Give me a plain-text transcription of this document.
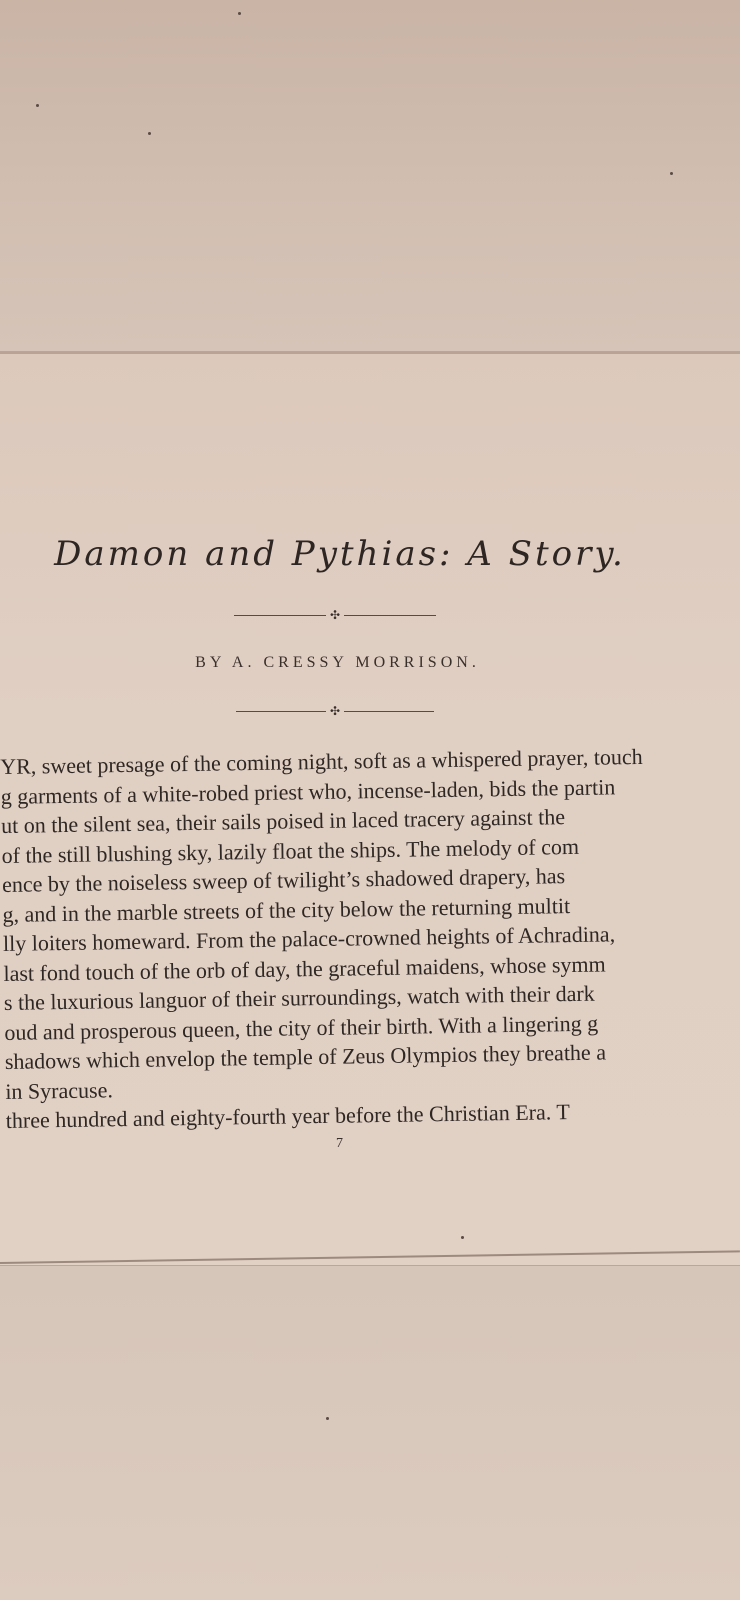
Damon and Pythias: A Story.
✣
BY A. CRESSY MORRISON.
✣
YR, sweet presage of the coming night, soft as a whispered prayer, touch
g garments of a white-robed priest who, incense-laden, bids the partin
ut on the silent sea, their sails poised in laced tracery against the
of the still blushing sky, lazily float the ships. The melody of com
ence by the noiseless sweep of twilight’s shadowed drapery, has
g, and in the marble streets of the city below the returning multit
lly loiters homeward. From the palace-crowned heights of Achradina,
last fond touch of the orb of day, the graceful maidens, whose symm
s the luxurious languor of their surroundings, watch with their dark
oud and prosperous queen, the city of their birth. With a lingering g
shadows which envelop the temple of Zeus Olympios they breathe a
in Syracuse.
three hundred and eighty-fourth year before the Christian Era. T
7
